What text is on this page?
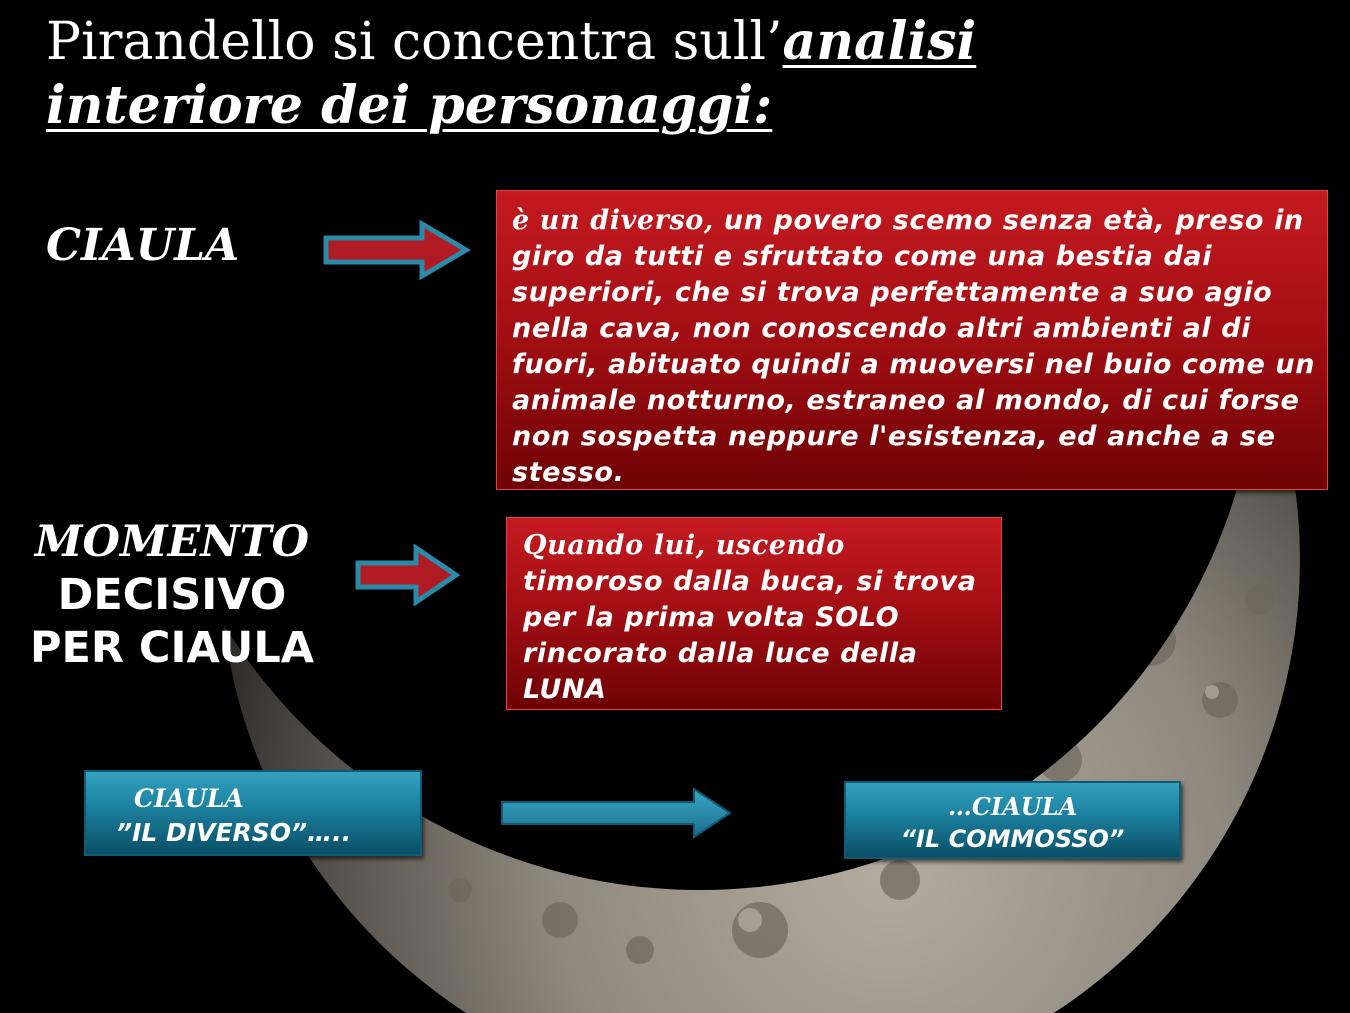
Pirandello si concentra sull’analisi
interiore dei personaggi:
CIAULA
MOMENTO
DECISIVO
PER CIAULA
è un diverso, un povero scemo senza età, preso in giro da tutti e sfruttato come una bestia dai superiori, che si trova perfettamente a suo agio nella cava, non conoscendo altri ambienti al di fuori, abituato quindi a muoversi nel buio come un animale notturno, estraneo al mondo, di cui forse non sospetta neppure l'esistenza, ed anche a se stesso.
Quando lui, uscendo timoroso dalla buca, si trova per la prima volta SOLO rincorato dalla luce della LUNA
CIAULA
”IL DIVERSO”…..
…CIAULA
“IL COMMOSSO”
